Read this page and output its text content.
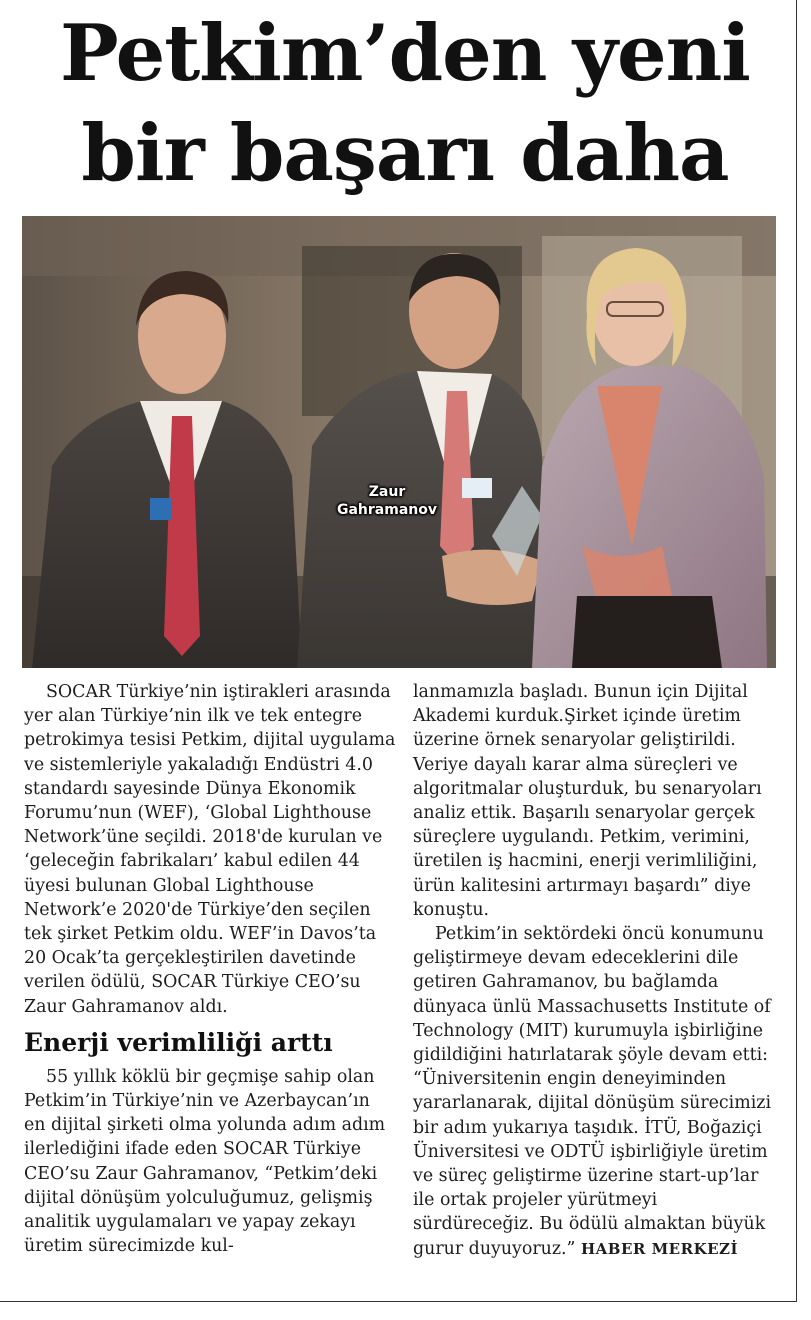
Petkim’den yeni
bir başarı daha
Zaur
Gahramanov

SOCAR Türkiye’nin iştirakleri arasında yer alan Türkiye’nin ilk ve tek entegre petrokimya tesisi Petkim, dijital uygulama ve sistemleriyle yakaladığı Endüstri 4.0 standardı sayesinde Dünya Ekonomik Forumu’nun (WEF), ‘Global Lighthouse Network’üne seçildi. 2018'de kurulan ve ‘geleceğin fabrikaları’ kabul edilen 44 üyesi bulunan Global Lighthouse Network’e 2020'de Türkiye’den seçilen tek şirket Petkim oldu. WEF’in Davos’ta 20 Ocak’ta gerçekleştirilen davetinde verilen ödülü, SOCAR Türkiye CEO’su Zaur Gahramanov aldı.

Enerji verimliliği arttı

55 yıllık köklü bir geçmişe sahip olan Petkim’in Türkiye’nin ve Azerbaycan’ın en dijital şirketi olma yolunda adım adım ilerlediğini ifade eden SOCAR Türkiye CEO’su Zaur Gahramanov, “Petkim’deki dijital dönüşüm yolculuğumuz, gelişmiş analitik uygulamaları ve yapay zekayı üretim sürecimizde kul-

lanmamızla başladı. Bunun için Dijital Akademi kurduk.Şirket içinde üretim üzerine örnek senaryolar geliştirildi. Veriye dayalı karar alma süreçleri ve algoritmalar oluşturduk, bu senaryoları analiz ettik. Başarılı senaryolar gerçek süreçlere uygulandı. Petkim, verimini, üretilen iş hacmini, enerji verimliliğini, ürün kalitesini artırmayı başardı” diye konuştu.

Petkim’in sektördeki öncü konumunu geliştirmeye devam edeceklerini dile getiren Gahramanov, bu bağlamda dünyaca ünlü Massachusetts Institute of Technology (MIT) kurumuyla işbirliğine gidildiğini hatırlatarak şöyle devam etti: “Üniversitenin engin deneyiminden yararlanarak, dijital dönüşüm sürecimizi bir adım yukarıya taşıdık. İTÜ, Boğaziçi Üniversitesi ve ODTÜ işbirliğiyle üretim ve süreç geliştirme üzerine start-up’lar ile ortak projeler yürütmeyi sürdüreceğiz. Bu ödülü almaktan büyük gurur duyuyoruz.” HABER MERKEZİ
